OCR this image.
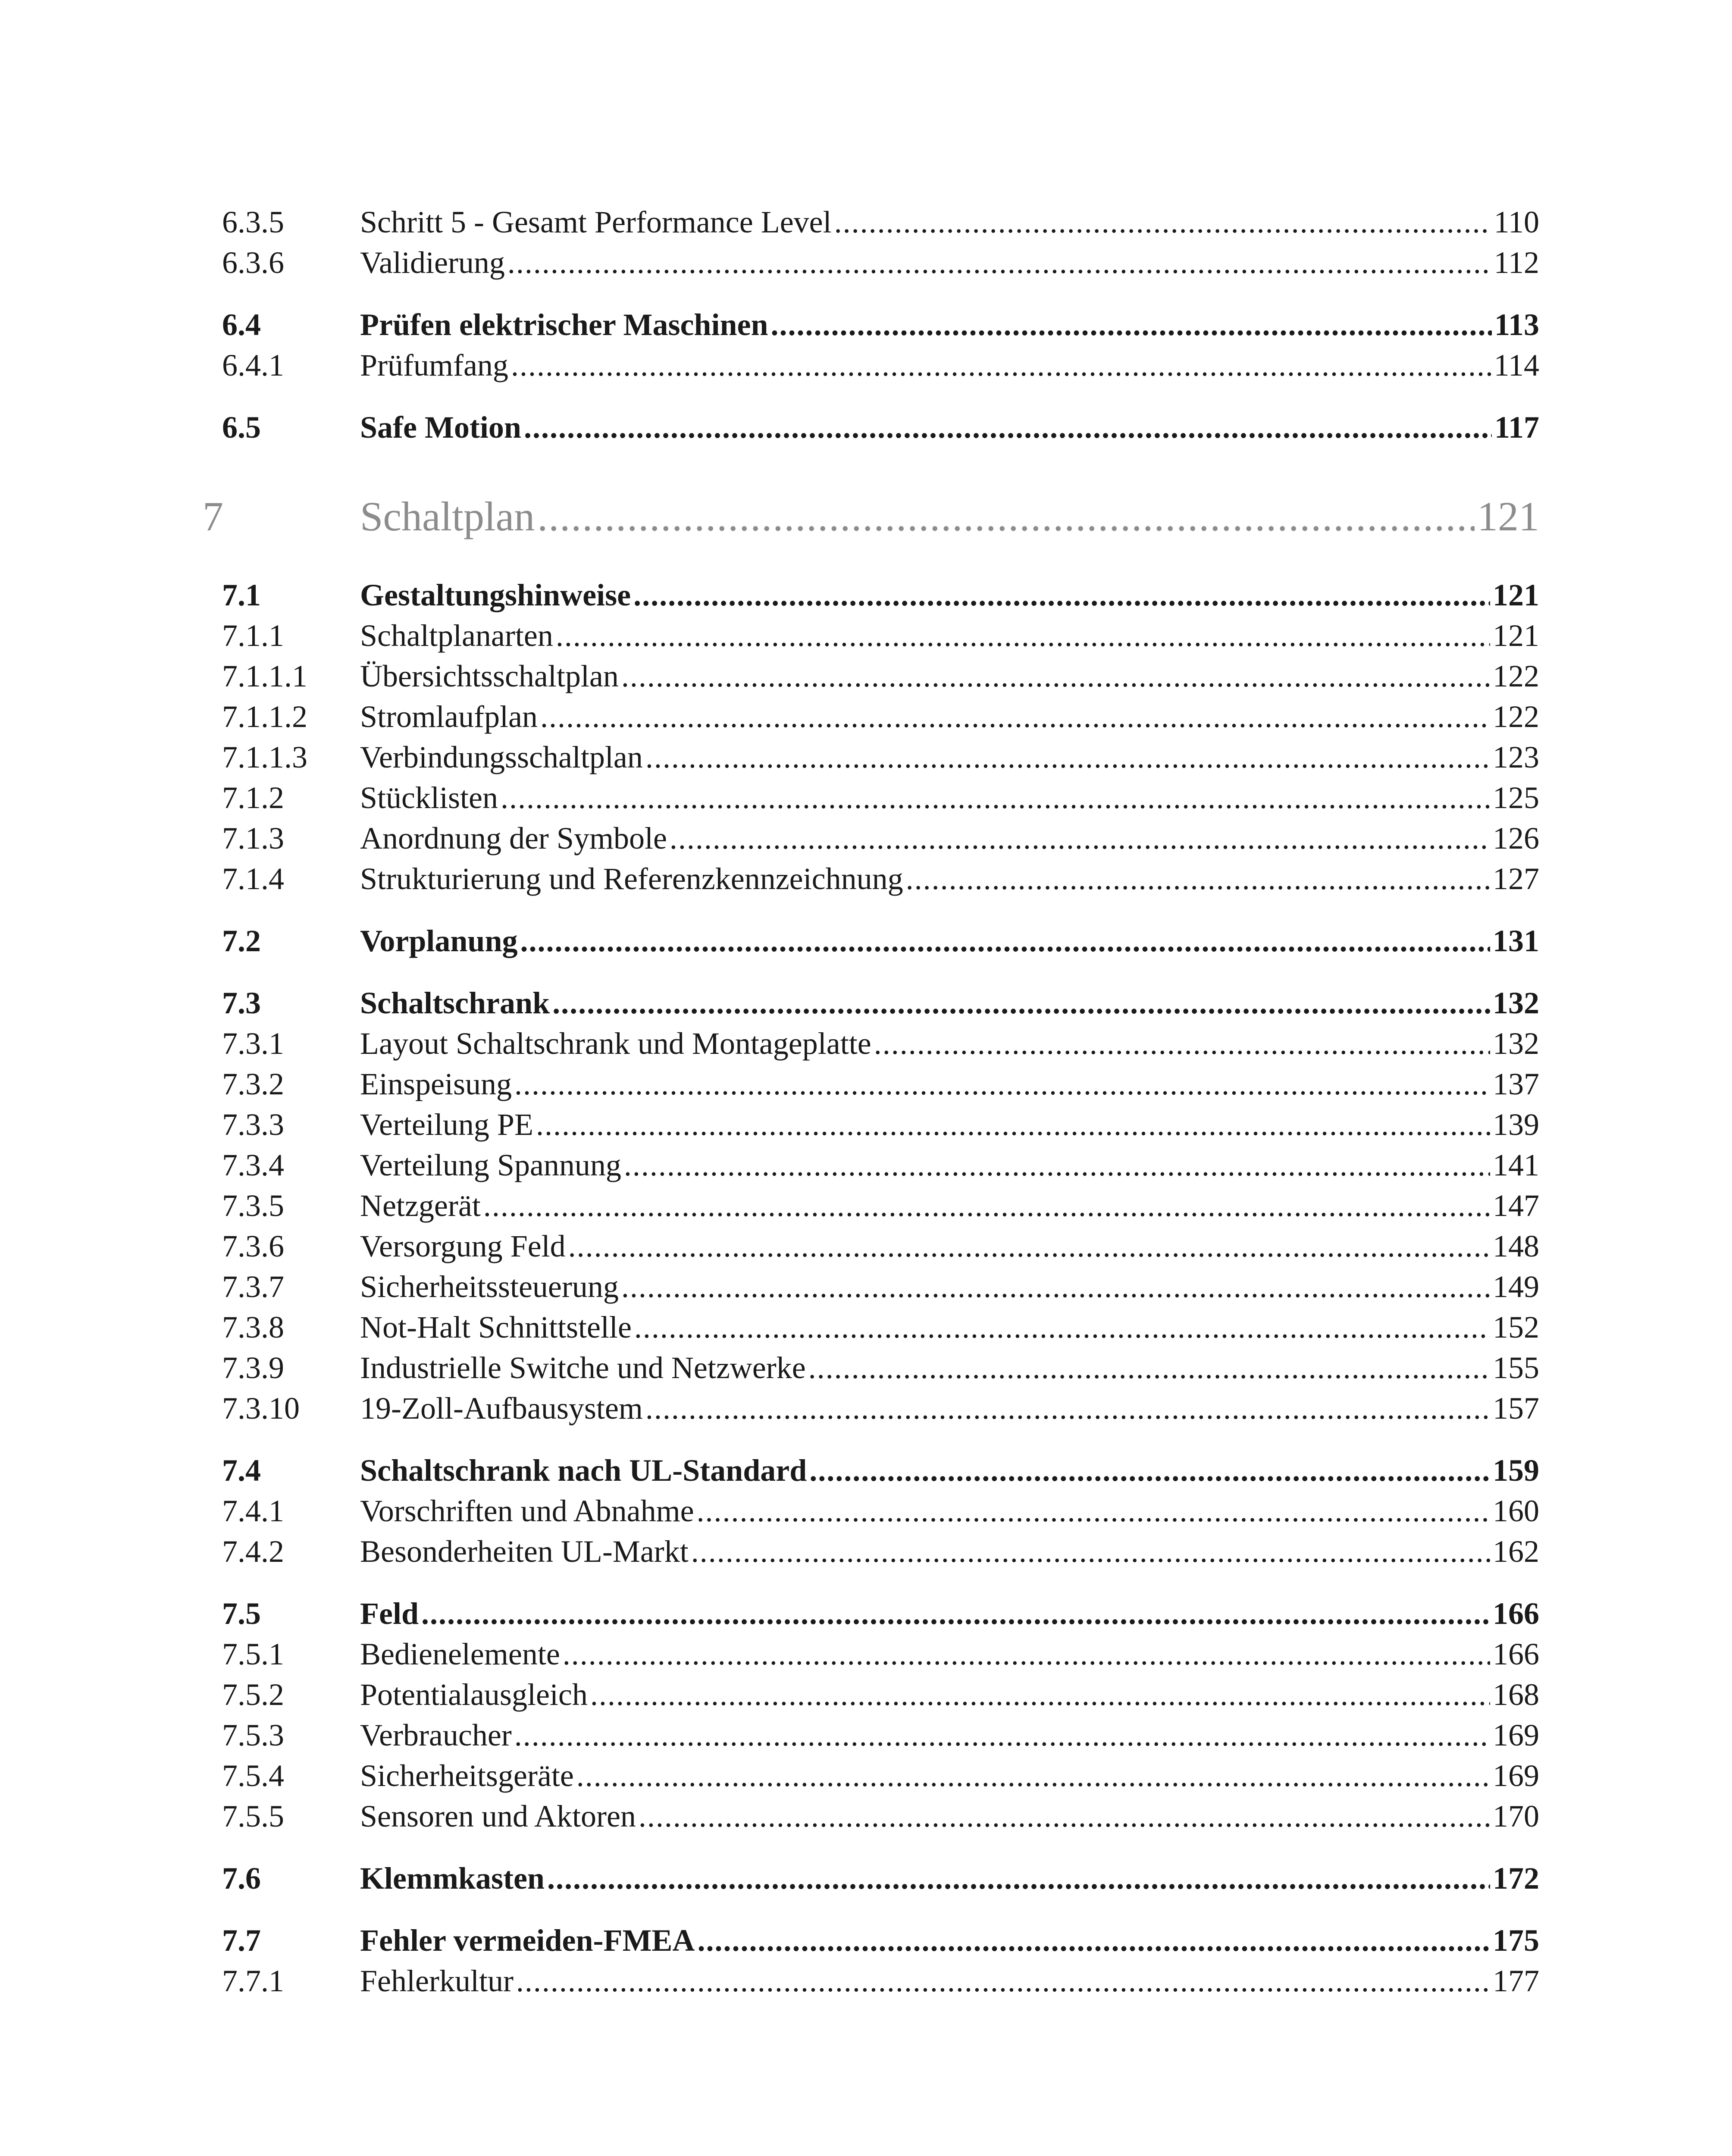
6.3.5 Schritt 5 - Gesamt Performance Level .....	110
6.3.6 Validierung .....	112
6.4	Prüfen elektrischer Maschinen .....	113
6.4.1 Prüfumfang .....	114
6.5	Safe Motion .....	117
7	Schaltplan .....	121
7.1	Gestaltungshinweise .....	121
7.1.1 Schaltplanarten .....	121
7.1.1.1 Übersichtsschaltplan .....	122
7.1.1.2 Stromlaufplan .....	122
7.1.1.3 Verbindungsschaltplan .....	123
7.1.2 Stücklisten .....	125
7.1.3 Anordnung der Symbole .....	126
7.1.4 Strukturierung und Referenzkennzeichnung .....	127
7.2	Vorplanung .....	131
7.3	Schaltschrank .....	132
7.3.1 Layout Schaltschrank und Montageplatte .....	132
7.3.2 Einspeisung .....	137
7.3.3 Verteilung PE .....	139
7.3.4 Verteilung Spannung .....	141
7.3.5 Netzgerät .....	147
7.3.6 Versorgung Feld .....	148
7.3.7 Sicherheitssteuerung .....	149
7.3.8 Not-Halt Schnittstelle .....	152
7.3.9 Industrielle Switche und Netzwerke .....	155
7.3.10 19-Zoll-Aufbausystem .....	157
7.4	Schaltschrank nach UL-Standard .....	159
7.4.1 Vorschriften und Abnahme .....	160
7.4.2 Besonderheiten UL-Markt .....	162
7.5	Feld .....	166
7.5.1 Bedienelemente .....	166
7.5.2 Potentialausgleich .....	168
7.5.3 Verbraucher .....	169
7.5.4 Sicherheitsgeräte .....	169
7.5.5 Sensoren und Aktoren .....	170
7.6	Klemmkasten .....	172
7.7	Fehler vermeiden-FMEA .....	175
7.7.1 Fehlerkultur .....	177
